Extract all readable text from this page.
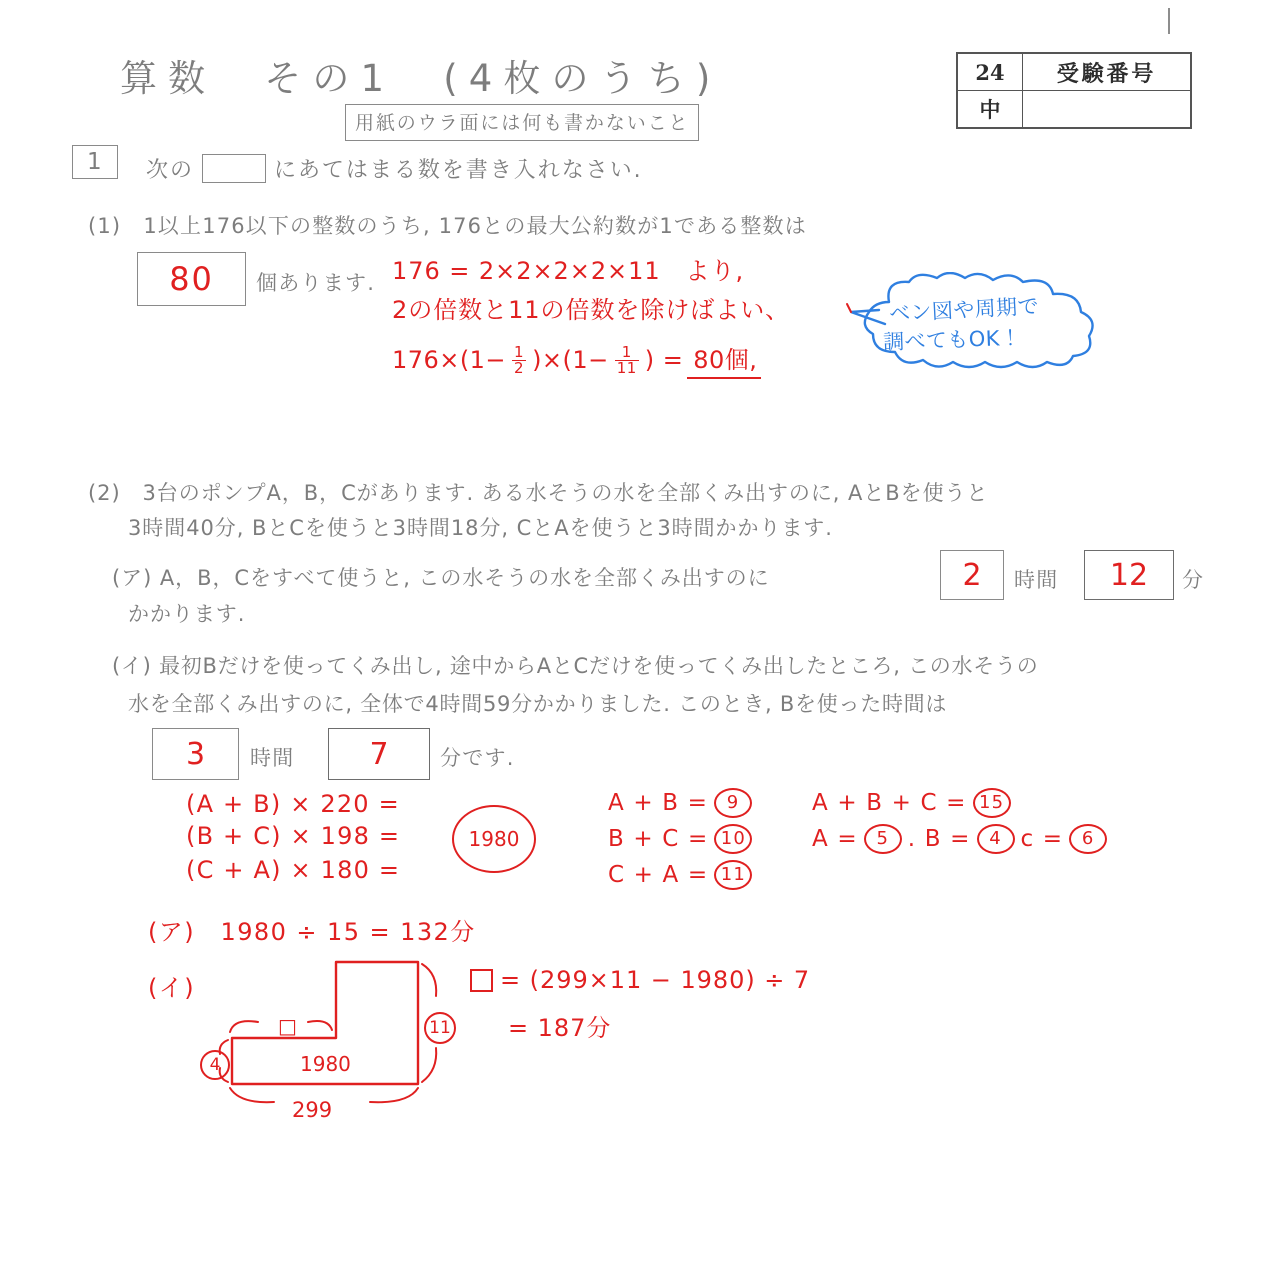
算数　その1　(4枚のうち)
用紙のウラ面には何も書かないこと
24	受験番号
中	
1	次の	にあてはまる数を書き入れなさい.
(1)　1以上176以下の整数のうち, 176との最大公約数が1である整数は
80 個あります. 176 = 2×2×2×2×11　より,
2の倍数と11の倍数を除けばよい、
$176\times(1- \frac{1}{2} )\times(1- \frac{1}{11}$ ) = 80個,
ベン図や周期で
調べてもOK！
(2)　3台のポンプA，B，Cがあります. ある水そうの水を全部くみ出すのに, AとBを使うと
3時間40分, BとCを使うと3時間18分, CとAを使うと3時間かかります.
(ア) A，B，Cをすべて使うと, この水そうの水を全部くみ出すのに
かかります.
2 時間 12 分
(イ) 最初Bだけを使ってくみ出し, 途中からAとCだけを使ってくみ出したところ, この水そうの
水を全部くみ出すのに, 全体で4時間59分かかりました. このとき, Bを使った時間は
3 時間 7 分です.
(A + B) × 220 =
(B + C) × 198 =
(C + A) × 180 =
1980
A + B =	9
B + C = 10
C + A = 11
A + B + C = 15
A =	5 . B =	4 c =	6
(ア)　1980 ÷ 15 = 132分
(イ)
□
1980
299
4
11
= (299×11 − 1980) ÷ 7
= 187分
